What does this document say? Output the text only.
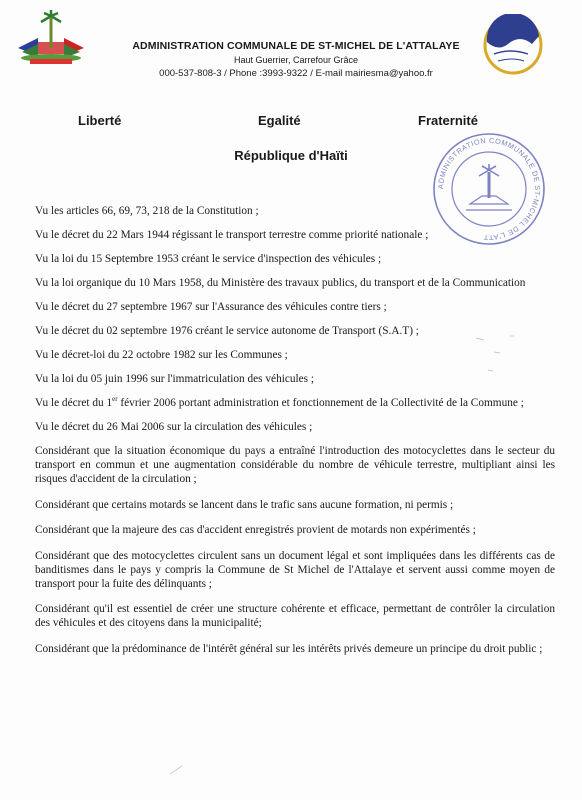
ADMINISTRATION COMMUNALE DE ST-MICHEL DE L'ATTALAYE
Haut Guerrier, Carrefour Grâce
000-537-808-3 / Phone :3993-9322 / E-mail mairiesma@yahoo.fr
Liberté	Egalité	Fraternité
République d'Haïti
ADMINISTRATION COMMUNALE DE ST-MICHEL DE L'ATT

Vu les articles 66, 69, 73, 218 de la Constitution ;

Vu le décret du 22 Mars 1944 régissant le transport terrestre comme priorité nationale ;

Vu la loi du 15 Septembre 1953 créant le service d'inspection des véhicules ;

Vu la loi organique du 10 Mars 1958, du Ministère des travaux publics, du transport et de la Communication

Vu le décret du 27 septembre 1967 sur l'Assurance des véhicules contre tiers ;

Vu le décret du 02 septembre 1976 créant le service autonome de Transport (S.A.T) ;

Vu le décret-loi du 22 octobre 1982 sur les Communes ;

Vu la loi du 05 juin 1996 sur l'immatriculation des véhicules ;

Vu le décret du 1er février 2006 portant administration et fonctionnement de la Collectivité de la Commune ;

Vu le décret du 26 Mai 2006 sur la circulation des véhicules ;

Considérant que la situation économique du pays a entraîné l'introduction des motocyclettes dans le secteur du transport en commun et une augmentation considérable du nombre de véhicule terrestre, multipliant ainsi les risques d'accident de la circulation ;

Considérant que certains motards se lancent dans le trafic sans aucune formation, ni permis ;

Considérant que la majeure des cas d'accident enregistrés provient de motards non expérimentés ;

Considérant que des motocyclettes circulent sans un document légal et sont impliquées dans les différents cas de banditismes dans le pays y compris la Commune de St Michel de l'Attalaye et servent aussi comme moyen de transport pour la fuite des délinquants ;

Considérant qu'il est essentiel de créer une structure cohérente et efficace, permettant de contrôler la circulation des véhicules et des citoyens dans la municipalité;

Considérant que la prédominance de l'intérêt général sur les intérêts privés demeure un principe du droit public ;
